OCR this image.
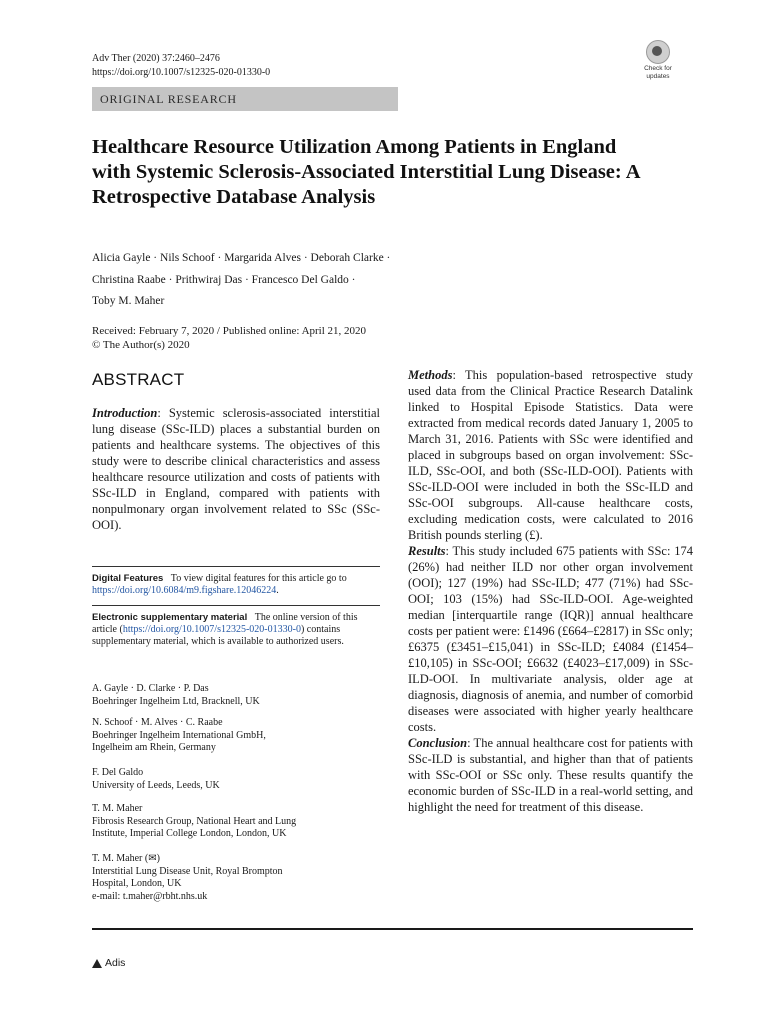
Adv Ther (2020) 37:2460–2476
https://doi.org/10.1007/s12325-020-01330-0	Check for
updates
ORIGINAL RESEARCH
Healthcare Resource Utilization Among Patients in England with Systemic Sclerosis-Associated Interstitial Lung Disease: A Retrospective Database Analysis
Alicia Gayle · Nils Schoof · Margarida Alves · Deborah Clarke ·
Christina Raabe · Prithwiraj Das · Francesco Del Galdo ·
Toby M. Maher
Received: February 7, 2020 / Published online: April 21, 2020
© The Author(s) 2020
ABSTRACT

Introduction: Systemic sclerosis-associated interstitial lung disease (SSc-ILD) places a substantial burden on patients and healthcare systems. The objectives of this study were to describe clinical characteristics and assess healthcare resource utilization and costs of patients with SSc-ILD in England, compared with patients with nonpulmonary organ involvement related to SSc (SSc-OOI).

Digital Features To view digital features for this article go to https://doi.org/10.6084/m9.figshare.12046224.
Electronic supplementary material The online version of this article (https://doi.org/10.1007/s12325-020-01330-0) contains supplementary material, which is available to authorized users.
A. Gayle · D. Clarke · P. Das
Boehringer Ingelheim Ltd, Bracknell, UK
N. Schoof · M. Alves · C. Raabe
Boehringer Ingelheim International GmbH,
Ingelheim am Rhein, Germany
F. Del Galdo
University of Leeds, Leeds, UK
T. M. Maher
Fibrosis Research Group, National Heart and Lung
Institute, Imperial College London, London, UK
T. M. Maher (✉)
Interstitial Lung Disease Unit, Royal Brompton
Hospital, London, UK
e-mail: t.maher@rbht.nhs.uk

Methods: This population-based retrospective study used data from the Clinical Practice Research Datalink linked to Hospital Episode Statistics. Data were extracted from medical records dated January 1, 2005 to March 31, 2016. Patients with SSc were identified and placed in subgroups based on organ involvement: SSc-ILD, SSc-OOI, and both (SSc-ILD-OOI). Patients with SSc-ILD-OOI were included in both the SSc-ILD and SSc-OOI subgroups. All-cause healthcare costs, excluding medication costs, were calculated to 2016 British pounds sterling (£).

Results: This study included 675 patients with SSc: 174 (26%) had neither ILD nor other organ involvement (OOI); 127 (19%) had SSc-ILD; 477 (71%) had SSc-OOI; 103 (15%) had SSc-ILD-OOI. Age-weighted median [interquartile range (IQR)] annual healthcare costs per patient were: £1496 (£664–£2817) in SSc only; £6375 (£3451–£15,041) in SSc-ILD; £4084 (£1454–£10,105) in SSc-OOI; £6632 (£4023–£17,009) in SSc-ILD-OOI. In multivariate analysis, older age at diagnosis, diagnosis of anemia, and number of comorbid diseases were associated with higher yearly healthcare costs.

Conclusion: The annual healthcare cost for patients with SSc-ILD is substantial, and higher than that of patients with SSc-OOI or SSc only. These results quantify the economic burden of SSc-ILD in a real-world setting, and highlight the need for treatment of this disease.

Adis
